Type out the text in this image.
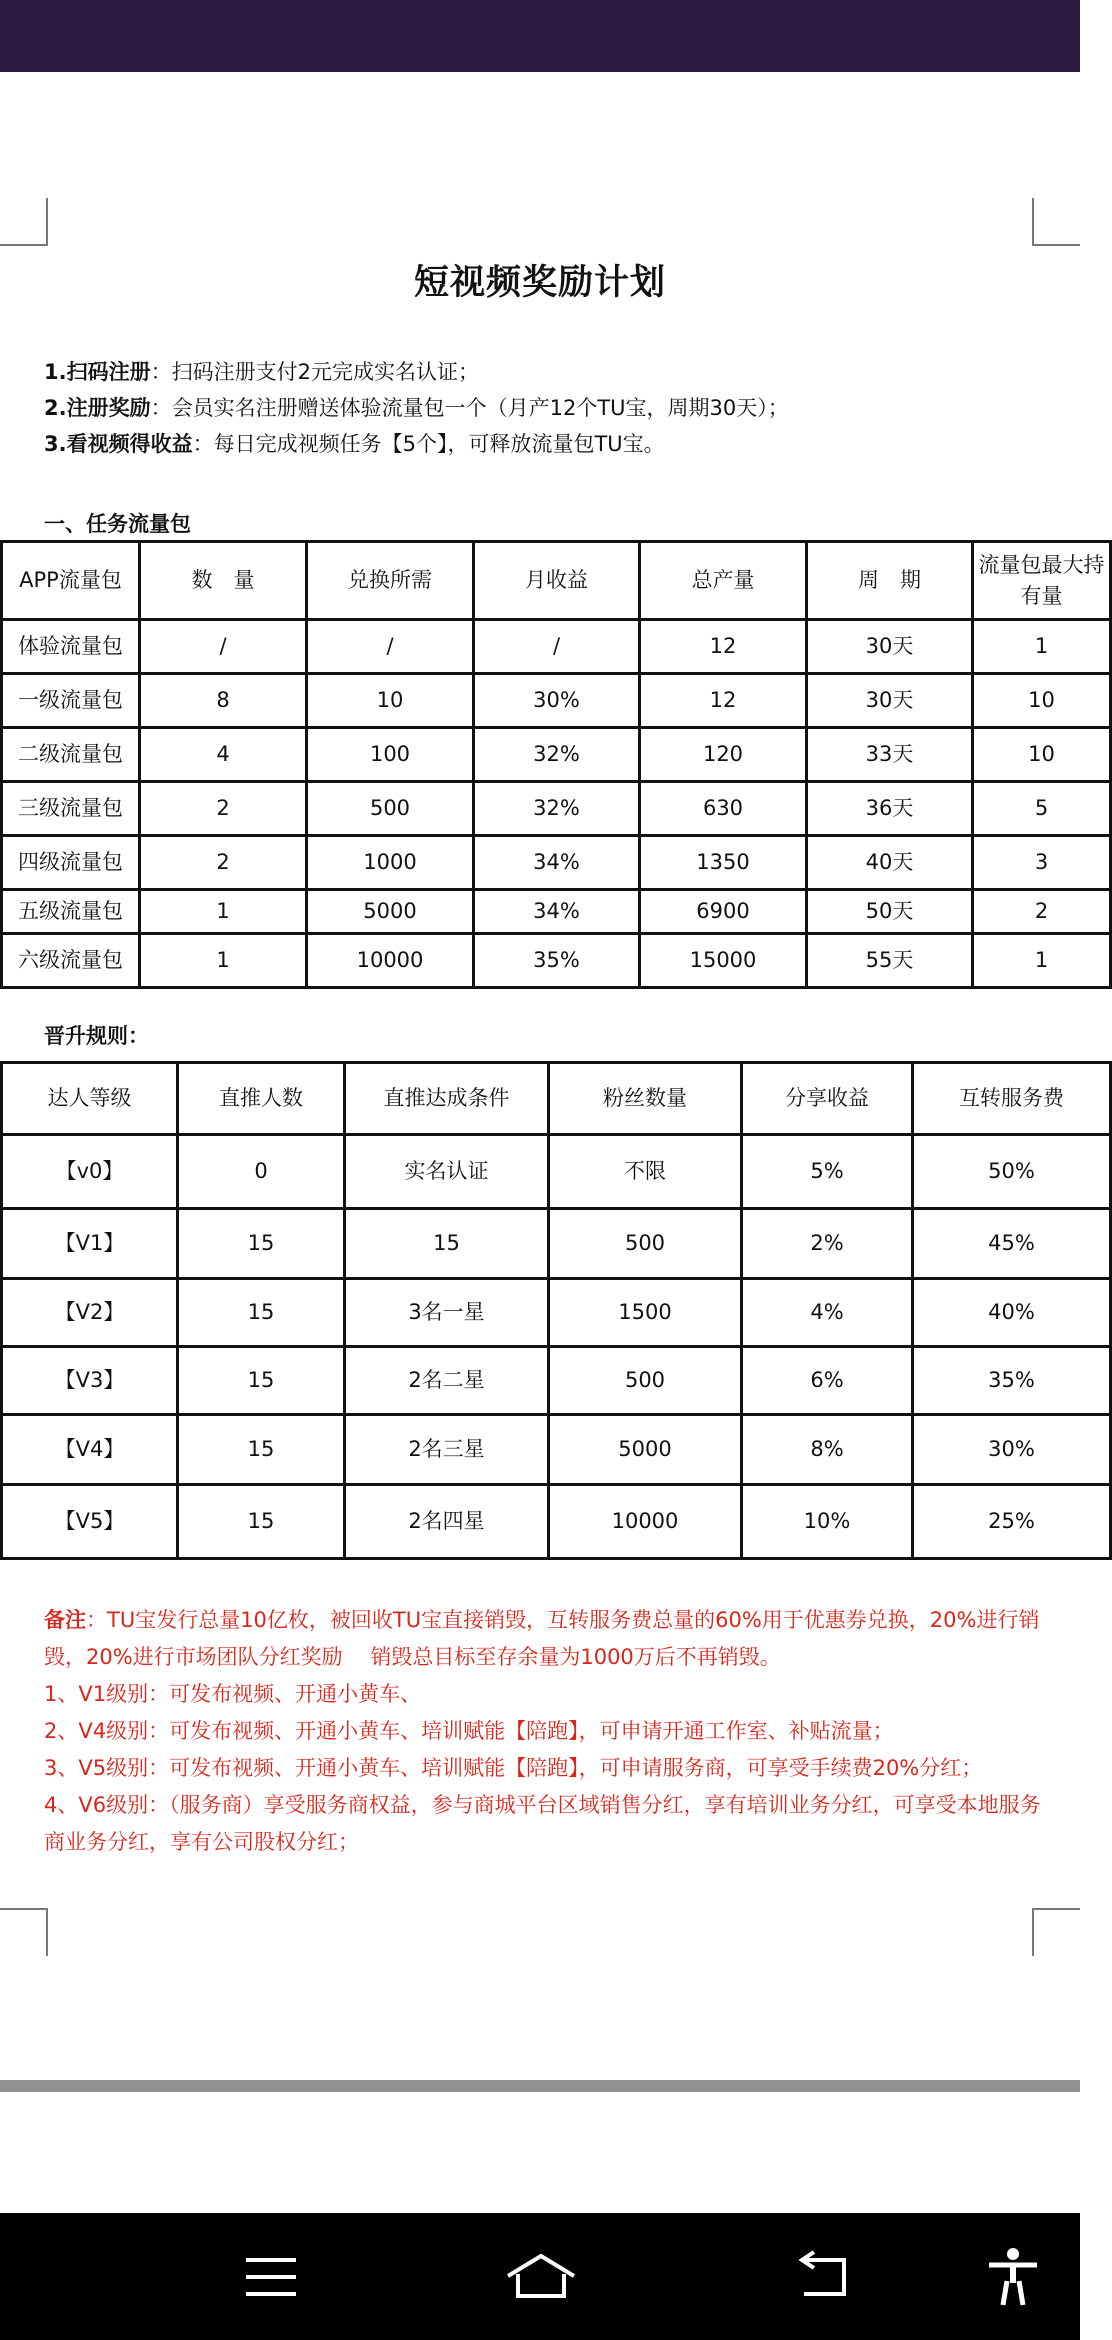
短视频奖励计划
1.扫码注册：扫码注册支付2元完成实名认证；
2.注册奖励：会员实名注册赠送体验流量包一个（月产12个TU宝，周期30天）；
3.看视频得收益：每日完成视频任务【5个】，可释放流量包TU宝。
一、任务流量包
APP流量包	数　量	兑换所需	月收益	总产量	周　期	流量包最大持有量
体验流量包	/	/	/	12	30天	1
一级流量包	8	10	30%	12	30天	10
二级流量包	4	100	32%	120	33天	10
三级流量包	2	500	32%	630	36天	5
四级流量包	2	1000	34%	1350	40天	3
五级流量包	1	5000	34%	6900	50天	2
六级流量包	1	10000	35%	15000	55天	1
晋升规则：
达人等级	直推人数	直推达成条件	粉丝数量	分享收益	互转服务费
【v0】	0	实名认证	不限	5%	50%
【V1】	15	15	500	2%	45%
【V2】	15	3名一星	1500	4%	40%
【V3】	15	2名二星	500	6%	35%
【V4】	15	2名三星	5000	8%	30%
【V5】	15	2名四星	10000	10%	25%
备注：TU宝发行总量10亿枚，被回收TU宝直接销毁，互转服务费总量的60%用于优惠券兑换，20%进行销毁，20%进行市场团队分红奖励　 销毁总目标至存余量为1000万后不再销毁。
1、V1级别：可发布视频、开通小黄车、
2、V4级别：可发布视频、开通小黄车、培训赋能【陪跑】，可申请开通工作室、补贴流量；
3、V5级别：可发布视频、开通小黄车、培训赋能【陪跑】，可申请服务商，可享受手续费20%分红；
4、V6级别：（服务商）享受服务商权益，参与商城平台区域销售分红，享有培训业务分红，可享受本地服务商业务分红，享有公司股权分红；
